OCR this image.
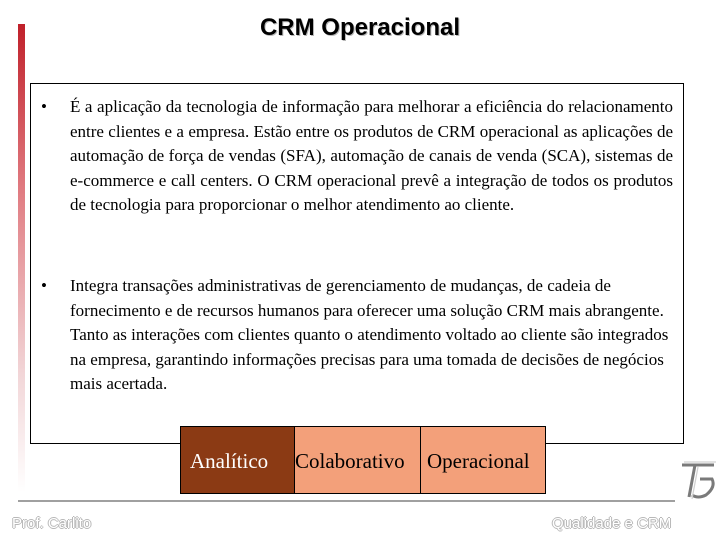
CRM Operacional
• É a aplicação da tecnologia de informação para melhorar a eficiência do relacionamento entre clientes e a empresa. Estão entre os produtos de CRM operacional as aplicações de automação de força de vendas (SFA), automação de canais de venda (SCA), sistemas de e-commerce e call centers. O CRM operacional prevê a integração de todos os produtos de tecnologia para proporcionar o melhor atendimento ao cliente.
• Integra transações administrativas de gerenciamento de mudanças, de cadeia de fornecimento e de recursos humanos para oferecer uma solução CRM mais abrangente. Tanto as interações com clientes quanto o atendimento voltado ao cliente são integrados na empresa, garantindo informações precisas para uma tomada de decisões de negócios mais acertada.
Analítico	Colaborativo	Operacional
Prof. Carlito	Qualidade e CRM
